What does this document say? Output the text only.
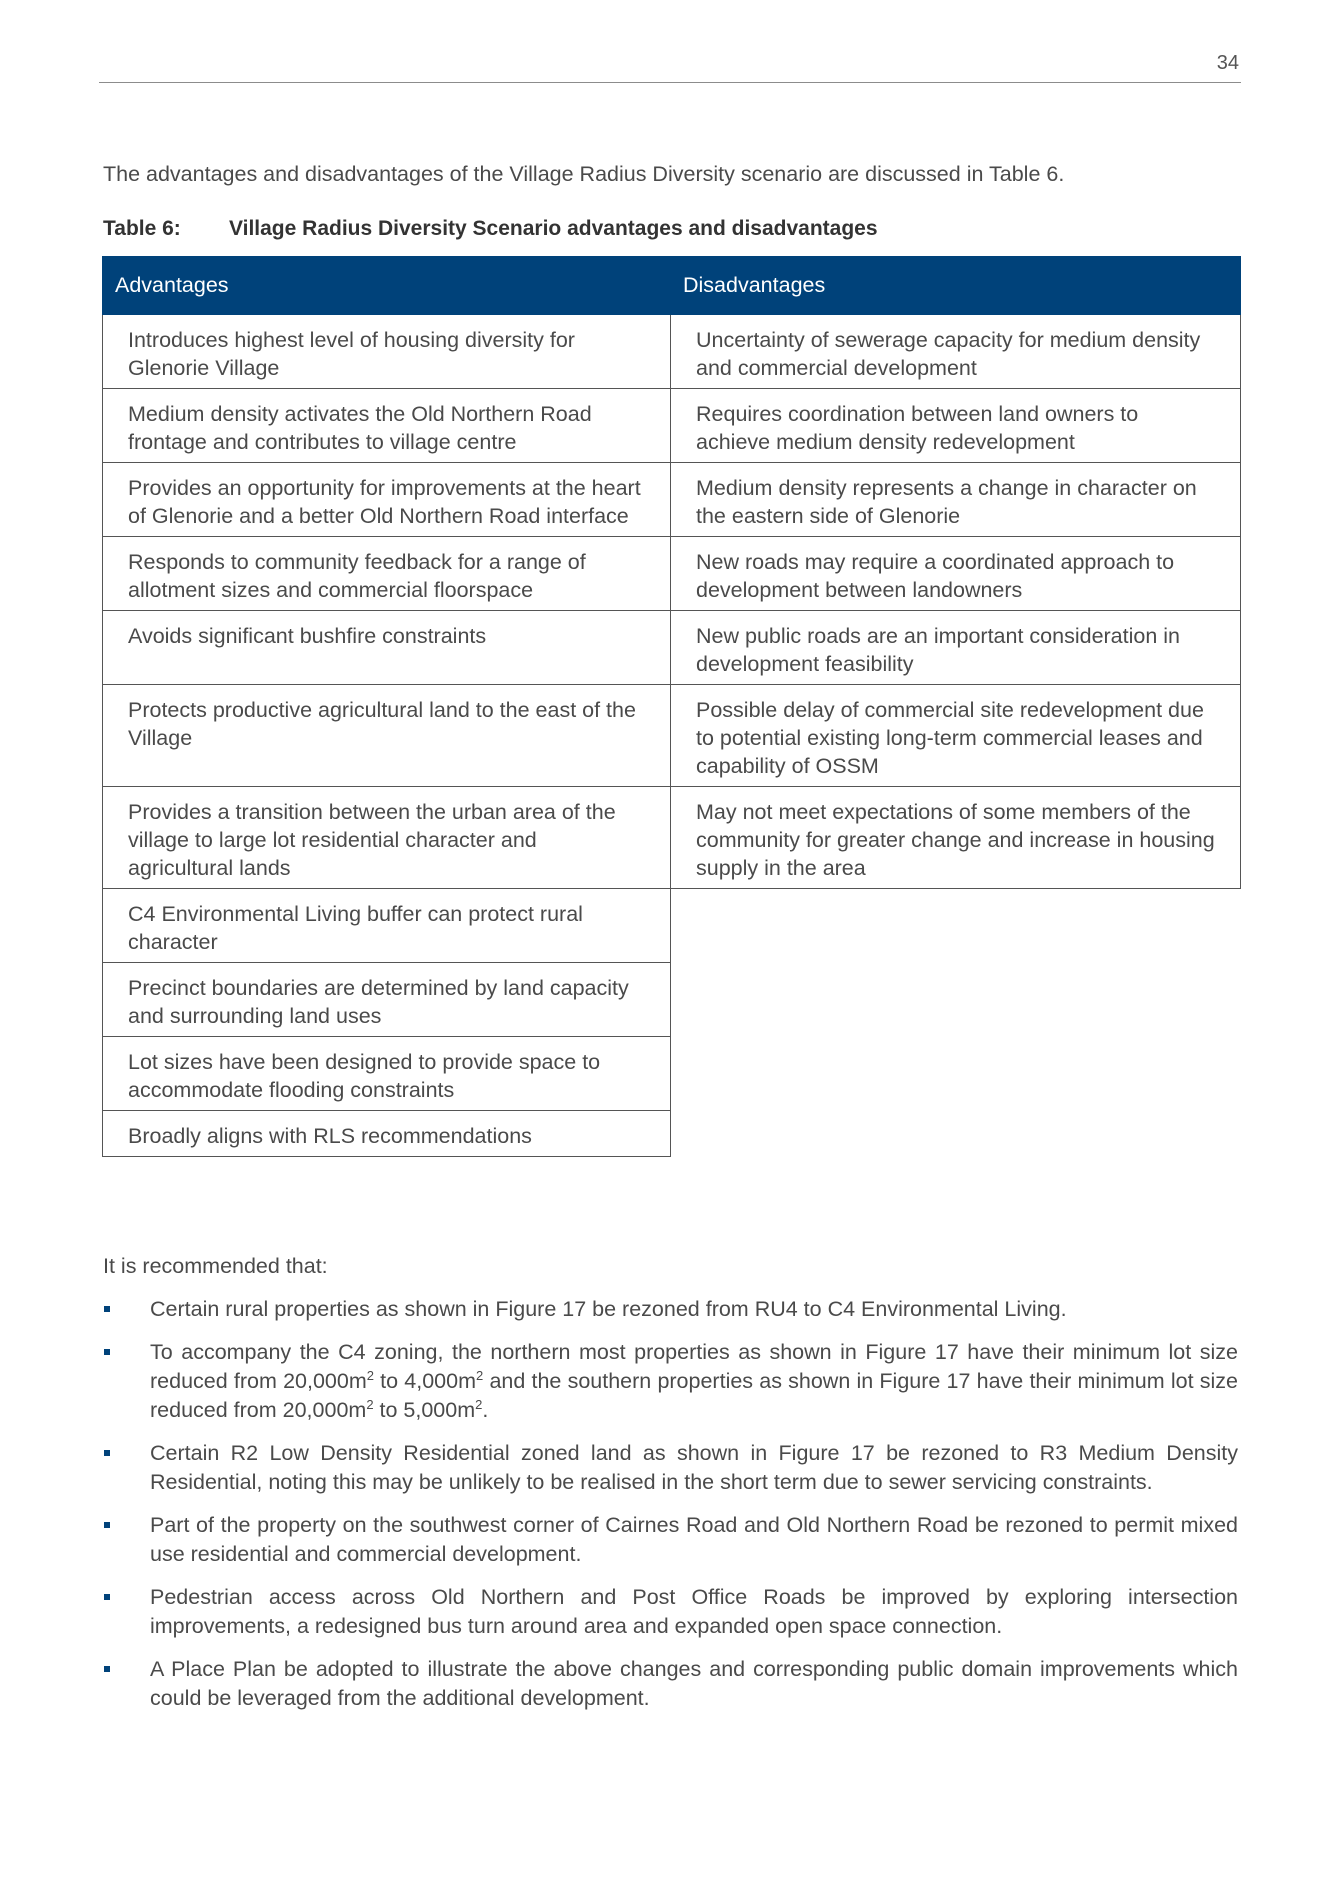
34

The advantages and disadvantages of the Village Radius Diversity scenario are discussed in Table 6.

Table 6: Village Radius Diversity Scenario advantages and disadvantages

Advantages	Disadvantages
Introduces highest level of housing diversity for Glenorie Village	Uncertainty of sewerage capacity for medium density and commercial development
Medium density activates the Old Northern Road frontage and contributes to village centre	Requires coordination between land owners to achieve medium density redevelopment
Provides an opportunity for improvements at the heart of Glenorie and a better Old Northern Road interface	Medium density represents a change in character on the eastern side of Glenorie
Responds to community feedback for a range of allotment sizes and commercial floorspace	New roads may require a coordinated approach to development between landowners
Avoids significant bushfire constraints	New public roads are an important consideration in development feasibility
Protects productive agricultural land to the east of the Village	Possible delay of commercial site redevelopment due to potential existing long-term commercial leases and capability of OSSM
Provides a transition between the urban area of the village to large lot residential character and agricultural lands	May not meet expectations of some members of the community for greater change and increase in housing supply in the area
C4 Environmental Living buffer can protect rural character	
Precinct boundaries are determined by land capacity and surrounding land uses	
Lot sizes have been designed to provide space to accommodate flooding constraints	
Broadly aligns with RLS recommendations	

It is recommended that:

Certain rural properties as shown in Figure 17 be rezoned from RU4 to C4 Environmental Living.
To accompany the C4 zoning, the northern most properties as shown in Figure 17 have their minimum lot size reduced from $20,000m^2$ to $4,000m^2$ and the southern properties as shown in Figure 17 have their minimum lot size reduced from $20,000m^2$ to $5,000m^2$.
Certain R2 Low Density Residential zoned land as shown in Figure 17 be rezoned to R3 Medium Density Residential, noting this may be unlikely to be realised in the short term due to sewer servicing constraints.
Part of the property on the southwest corner of Cairnes Road and Old Northern Road be rezoned to permit mixed use residential and commercial development.
Pedestrian access across Old Northern and Post Office Roads be improved by exploring intersection improvements, a redesigned bus turn around area and expanded open space connection.
A Place Plan be adopted to illustrate the above changes and corresponding public domain improvements which could be leveraged from the additional development.
